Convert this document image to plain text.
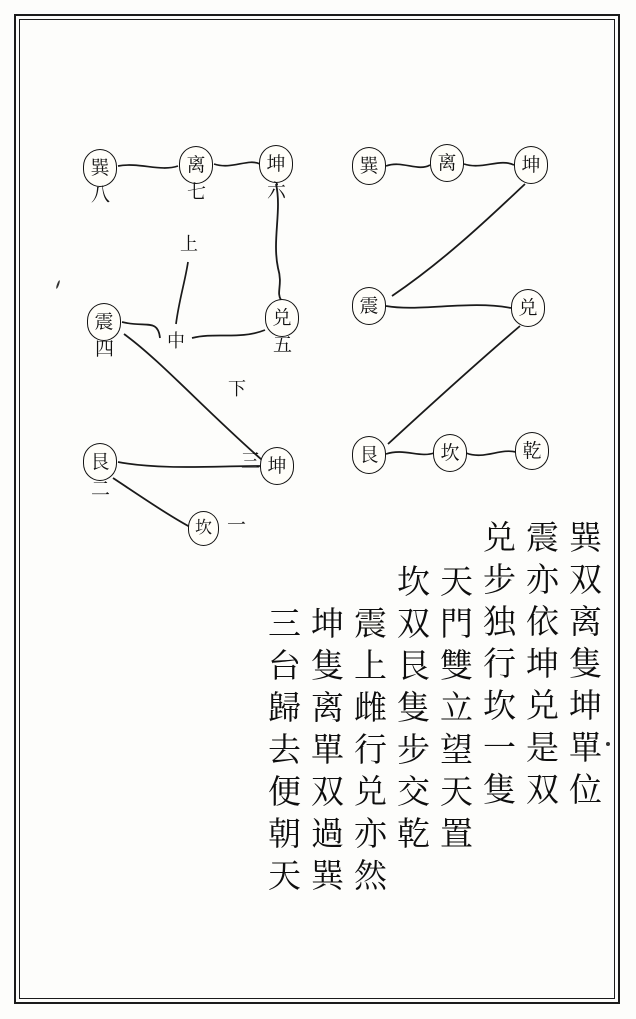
巽
八
离
七
坤
六
震
四
兑
五
艮
二
坤
三
坎 一
上
中
下
巽	离	坤
震	兑
艮	坎	乾
巽双离隻坤單位
震亦依坤兑是双
兑步独行坎一隻
天門雙立望天置
坎双艮隻步交乾
震上雌行兑亦然
坤隻离單双過巽
三台歸去便朝天
